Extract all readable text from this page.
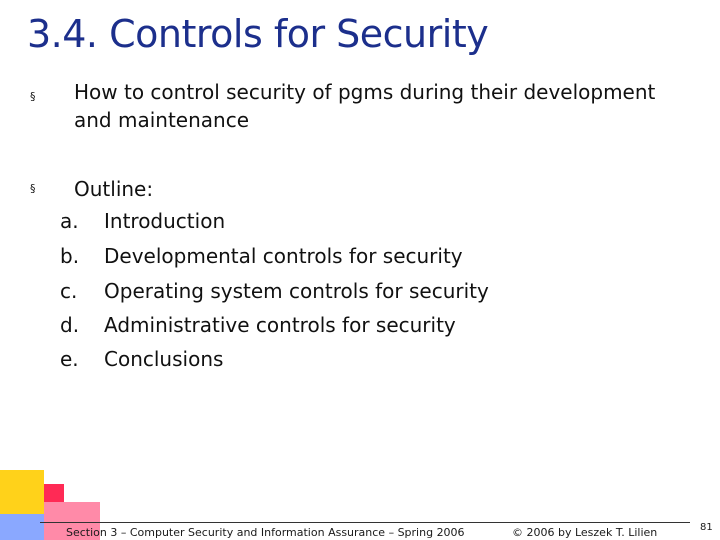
3.4. Controls for Security
§ How to control security of pgms during their development
and maintenance
§ Outline:
a.	Introduction
b.	Developmental controls for security
c.	Operating system controls for security
d.	Administrative controls for security
e.	Conclusions
Section 3 – Computer Security and Information Assurance – Spring 2006	© 2006 by Leszek T. Lilien	81
